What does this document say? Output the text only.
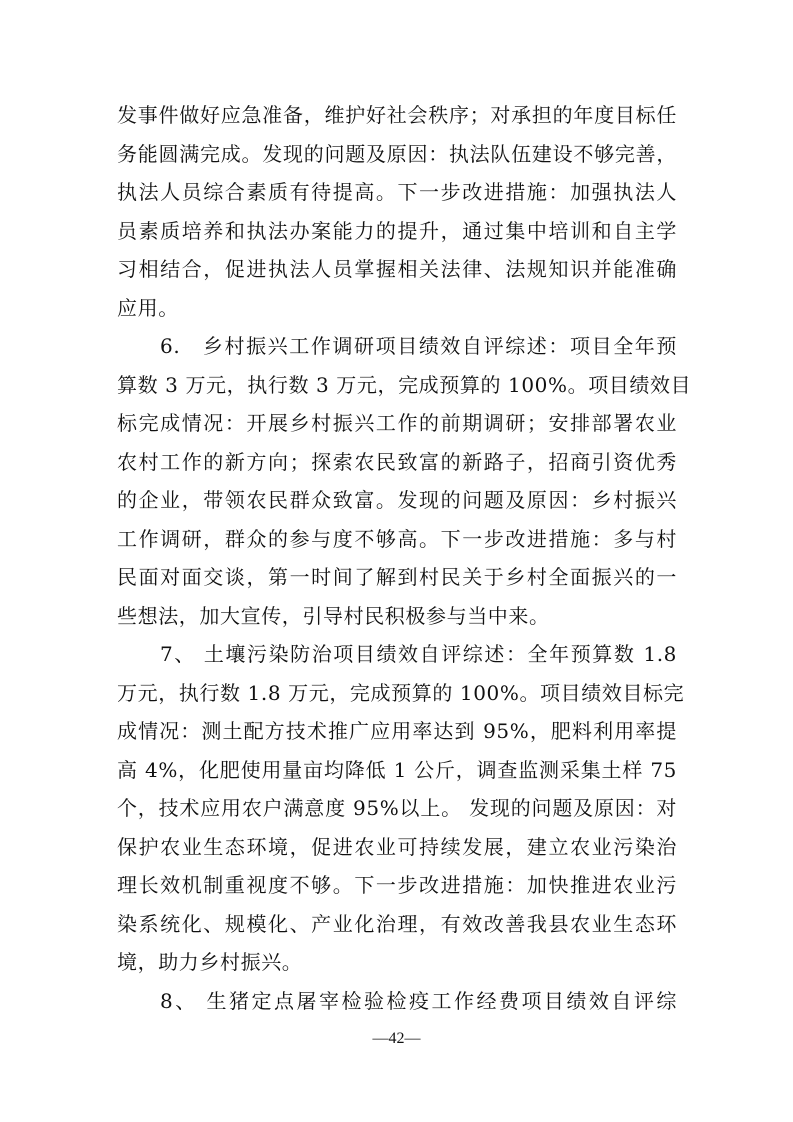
发事件做好应急准备，维护好社会秩序；对承担的年度目标任
务能圆满完成。发现的问题及原因：执法队伍建设不够完善，
执法人员综合素质有待提高。下一步改进措施：加强执法人
员素质培养和执法办案能力的提升，通过集中培训和自主学
习相结合，促进执法人员掌握相关法律、法规知识并能准确
应用。
6.　乡村振兴工作调研项目绩效自评综述：项目全年预
算数 3 万元，执行数 3 万元，完成预算的 100%。项目绩效目
标完成情况：开展乡村振兴工作的前期调研；安排部署农业
农村工作的新方向；探索农民致富的新路子，招商引资优秀
的企业，带领农民群众致富。发现的问题及原因：乡村振兴
工作调研，群众的参与度不够高。下一步改进措施：多与村
民面对面交谈，第一时间了解到村民关于乡村全面振兴的一
些想法，加大宣传，引导村民积极参与当中来。
7、 土壤污染防治项目绩效自评综述：全年预算数 1.8
万元，执行数 1.8 万元，完成预算的 100%。项目绩效目标完
成情况：测土配方技术推广应用率达到 95%，肥料利用率提
高 4%，化肥使用量亩均降低 1 公斤，调查监测采集土样 75
个，技术应用农户满意度 95%以上。 发现的问题及原因：对
保护农业生态环境，促进农业可持续发展，建立农业污染治
理长效机制重视度不够。下一步改进措施：加快推进农业污
染系统化、规模化、产业化治理，有效改善我县农业生态环
境，助力乡村振兴。
8、 生猪定点屠宰检验检疫工作经费项目绩效自评综
—42—
